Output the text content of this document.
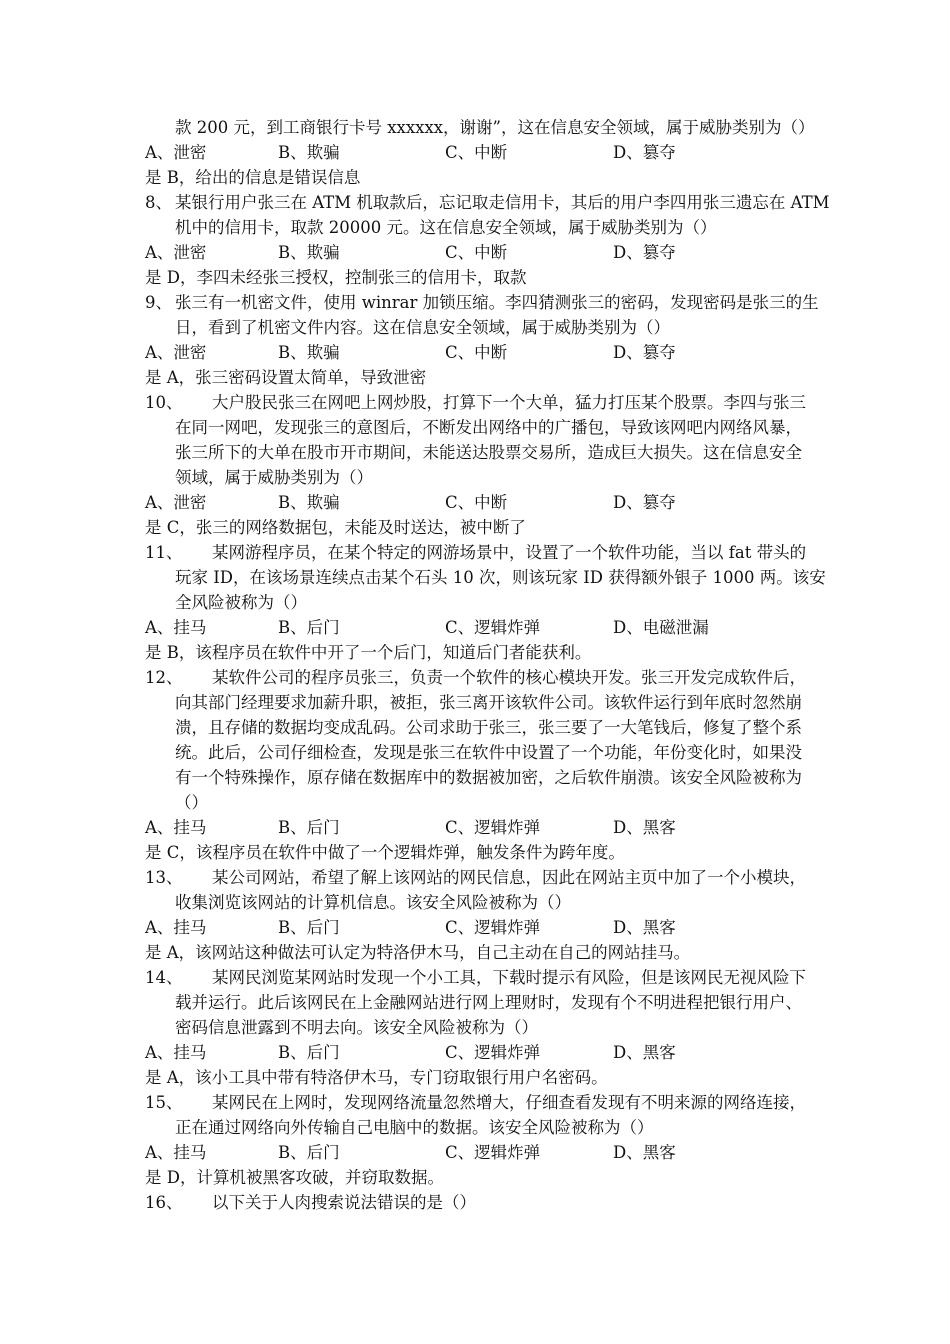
款 200 元，到工商银行卡号 xxxxxx，谢谢”，这在信息安全领域，属于威胁类别为（）
A、泄密	B、欺骗	C、中断	D、篡夺
是 B，给出的信息是错误信息
8、 某银行用户张三在 ATM 机取款后，忘记取走信用卡，其后的用户李四用张三遗忘在 ATM
机中的信用卡，取款 20000 元。这在信息安全领域，属于威胁类别为（）
A、泄密	B、欺骗	C、中断	D、篡夺
是 D，李四未经张三授权，控制张三的信用卡，取款
9、 张三有一机密文件，使用 winrar 加锁压缩。李四猜测张三的密码，发现密码是张三的生
日，看到了机密文件内容。这在信息安全领域，属于威胁类别为（）
A、泄密	B、欺骗	C、中断	D、篡夺
是 A，张三密码设置太简单，导致泄密
10、 大户股民张三在网吧上网炒股，打算下一个大单，猛力打压某个股票。李四与张三
在同一网吧，发现张三的意图后，不断发出网络中的广播包，导致该网吧内网络风暴，
张三所下的大单在股市开市期间，未能送达股票交易所，造成巨大损失。这在信息安全
领域，属于威胁类别为（）
A、泄密	B、欺骗	C、中断	D、篡夺
是 C，张三的网络数据包，未能及时送达，被中断了
11、 某网游程序员，在某个特定的网游场景中，设置了一个软件功能，当以 fat 带头的
玩家 ID，在该场景连续点击某个石头 10 次，则该玩家 ID 获得额外银子 1000 两。该安
全风险被称为（）
A、挂马	B、后门	C、逻辑炸弹	D、电磁泄漏
是 B，该程序员在软件中开了一个后门，知道后门者能获利。
12、 某软件公司的程序员张三，负责一个软件的核心模块开发。张三开发完成软件后，
向其部门经理要求加薪升职，被拒，张三离开该软件公司。该软件运行到年底时忽然崩
溃，且存储的数据均变成乱码。公司求助于张三，张三要了一大笔钱后，修复了整个系
统。此后，公司仔细检查，发现是张三在软件中设置了一个功能，年份变化时，如果没
有一个特殊操作，原存储在数据库中的数据被加密，之后软件崩溃。该安全风险被称为
（）
A、挂马	B、后门	C、逻辑炸弹	D、黑客
是 C，该程序员在软件中做了一个逻辑炸弹，触发条件为跨年度。
13、 某公司网站，希望了解上该网站的网民信息，因此在网站主页中加了一个小模块，
收集浏览该网站的计算机信息。该安全风险被称为（）
A、挂马	B、后门	C、逻辑炸弹	D、黑客
是 A，该网站这种做法可认定为特洛伊木马，自己主动在自己的网站挂马。
14、 某网民浏览某网站时发现一个小工具，下载时提示有风险，但是该网民无视风险下
载并运行。此后该网民在上金融网站进行网上理财时，发现有个不明进程把银行用户、
密码信息泄露到不明去向。该安全风险被称为（）
A、挂马	B、后门	C、逻辑炸弹	D、黑客
是 A，该小工具中带有特洛伊木马，专门窃取银行用户名密码。
15、 某网民在上网时，发现网络流量忽然增大，仔细查看发现有不明来源的网络连接，
正在通过网络向外传输自己电脑中的数据。该安全风险被称为（）
A、挂马	B、后门	C、逻辑炸弹	D、黑客
是 D，计算机被黑客攻破，并窃取数据。
16、 以下关于人肉搜索说法错误的是（）
